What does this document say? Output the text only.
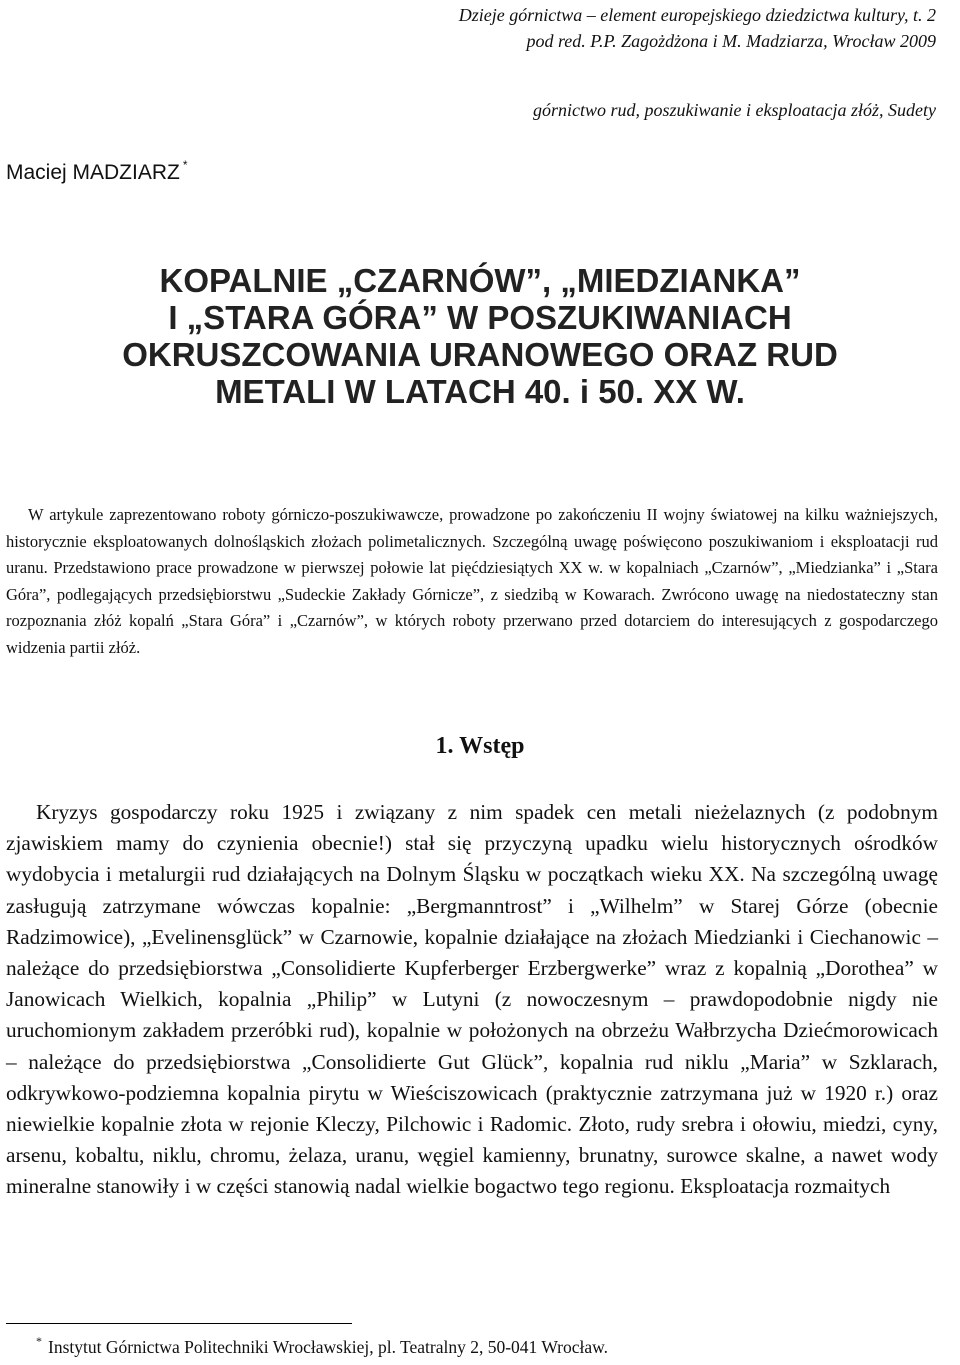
Dzieje górnictwa – element europejskiego dziedzictwa kultury, t. 2
pod red. P.P. Zagożdżona i M. Madziarza, Wrocław 2009
górnictwo rud, poszukiwanie i eksploatacja złóż, Sudety
Maciej MADZIARZ *
KOPALNIE „CZARNÓW”, „MIEDZIANKA”
I „STARA GÓRA” W POSZUKIWANIACH
OKRUSZCOWANIA URANOWEGO ORAZ RUD
METALI W LATACH 40. i 50. XX W.

W artykule zaprezentowano roboty górniczo-poszukiwawcze, prowadzone po zakończeniu II wojny światowej na kilku ważniejszych, historycznie eksploatowanych dolnośląskich złożach polimetalicznych. Szczególną uwagę poświęcono poszukiwaniom i eksploatacji rud uranu. Przedstawiono prace prowadzone w pierwszej połowie lat pięćdziesiątych XX w. w kopalniach „Czarnów”, „Miedzianka” i „Stara Góra”, podlegających przedsiębiorstwu „Sudeckie Zakłady Górnicze”, z siedzibą w Kowarach. Zwrócono uwagę na niedostateczny stan rozpoznania złóż kopalń „Stara Góra” i „Czarnów”, w których roboty przerwano przed dotarciem do interesujących z gospodarczego widzenia partii złóż.

1. Wstęp

Kryzys gospodarczy roku 1925 i związany z nim spadek cen metali nieżelaznych (z podobnym zjawiskiem mamy do czynienia obecnie!) stał się przyczyną upadku wielu historycznych ośrodków wydobycia i metalurgii rud działających na Dolnym Śląsku w początkach wieku XX. Na szczególną uwagę zasługują zatrzymane wówczas kopalnie: „Bergmanntrost” i „Wilhelm” w Starej Górze (obecnie Radzimowice), „Evelinensglück” w Czarnowie, kopalnie działające na złożach Miedzianki i Ciechanowic – należące do przedsiębiorstwa „Consolidierte Kupferberger Erzbergwerke” wraz z kopalnią „Dorothea” w Janowicach Wielkich, kopalnia „Philip” w Lutyni (z nowoczesnym – prawdopodobnie nigdy nie uruchomionym zakładem przeróbki rud), kopalnie w położonych na obrzeżu Wałbrzycha Dziećmorowicach – należące do przedsiębiorstwa „Consolidierte Gut Glück”, kopalnia rud niklu „Maria” w Szklarach, odkrywkowo-podziemna kopalnia pirytu w Wieściszowicach (praktycznie zatrzymana już w 1920 r.) oraz niewielkie kopalnie złota w rejonie Kleczy, Pilchowic i Radomic. Złoto, rudy srebra i ołowiu, miedzi, cyny, arsenu, kobaltu, niklu, chromu, żelaza, uranu, węgiel kamienny, brunatny, surowce skalne, a nawet wody mineralne stanowiły i w części stanowią nadal wielkie bogactwo tego regionu. Eksploatacja rozmaitych

* Instytut Górnictwa Politechniki Wrocławskiej, pl. Teatralny 2, 50-041 Wrocław.
